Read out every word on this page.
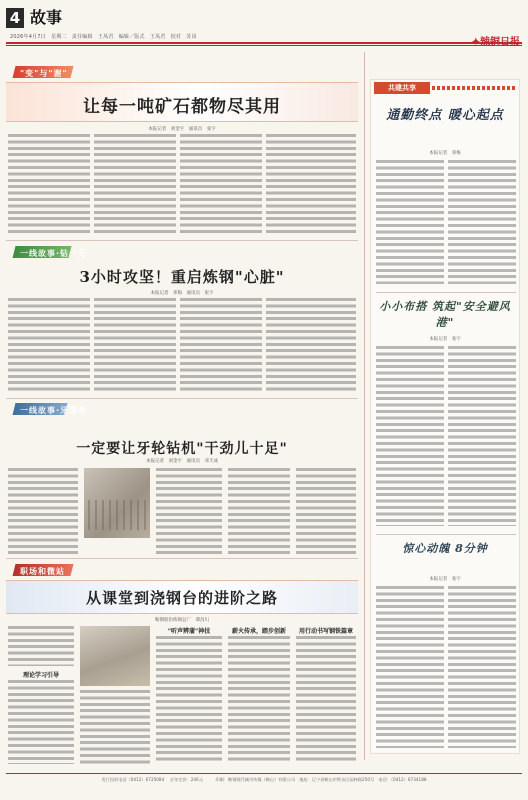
4 故事
2026年4月7日　星期二　责任编辑　王凤君　编辑／版式　王凤君　校对　苏昂
"变"与"谢"
让每一吨矿石都物尽其用
本报记者　刘金宇　通讯员　张宇
一线故事·钻一分
3小时攻坚！重启炼钢"心脏"
本报记者　邓梅　通讯员　张宇
一线故事·牙望者
一定要让牙轮钻机"干劲儿十足"
本报记者　刘金宇　通讯员　邓天成
职场和微站
从课堂到浇钢台的进阶之路
鞍钢股份炼钢总厂　谭昌川
理论学习引导
"听声辨蒲"神技	薪火传承，踏步创新	用行动书写钢铁篇章
共建共享
通勤终点 暖心起点
本报记者　邓梅
小小布搭 筑起"安全避风港"
本报记者　张宇
惊心动魄 8分钟
本报记者　张宇
发行投诉电话（0412）6725084　 全年定价：246元　　　印刷：鞍钢现代城市传媒（鞍山）有限公司　地址：辽宁省鞍山市铁东区园林路250号　电话：（0412）6734188
